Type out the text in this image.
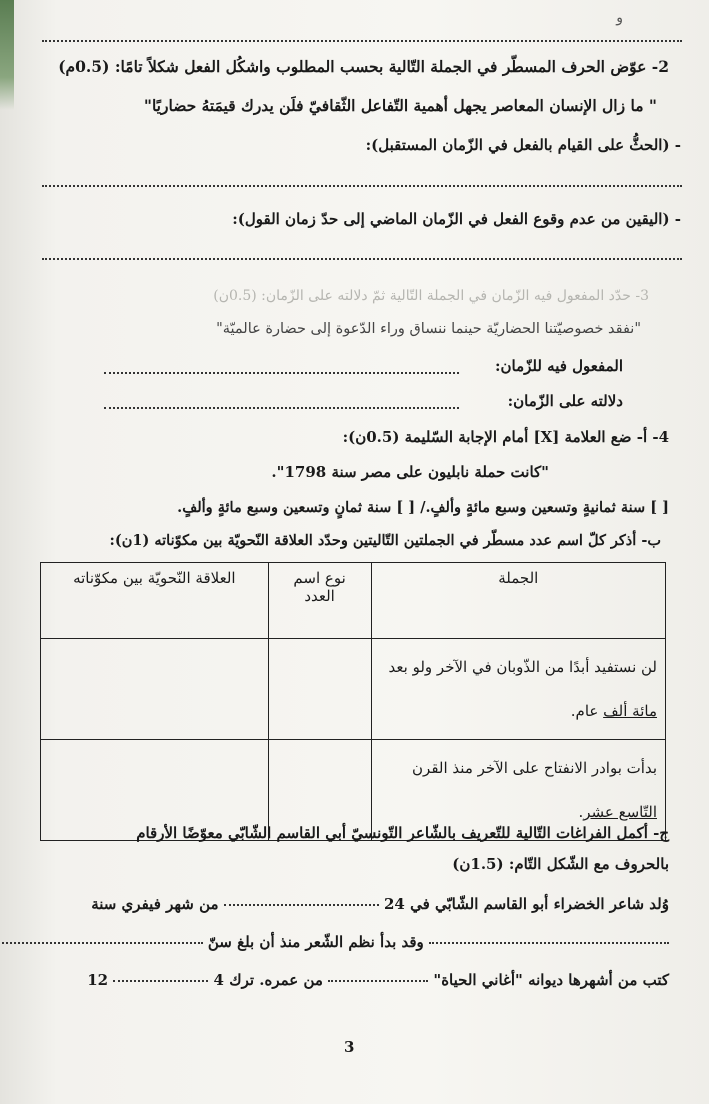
و
2- عوّض الحرف المسطّر في الجملة التّالية بحسب المطلوب واشكُل الفعل شكلاً تامًا: (0.5م)
" ما زال الإنسان المعاصر يجهل أهمية التّفاعل الثّقافيّ فلَن يدرك قيمَتهُ حضاريًا"
- (الحثُّ على القيام بالفعل في الزّمان المستقبل):
- (اليقين من عدم وقوع الفعل في الزّمان الماضي إلى حدّ زمان القول):
3- حدّد المفعول فيه الزّمان في الجملة التّالية ثمّ دلالته على الزّمان: (0.5ن)
"نفقد خصوصيّتنا الحضاريّة حينما ننساق وراء الدّعوة إلى حضارة عالميّة"
المفعول فيه للزّمان:
دلالته على الزّمان:
4- أ- ضع العلامة [X] أمام الإجابة السّليمة (0.5ن):
"كانت حملة نابليون على مصر سنة 1798".
[ ] سنة ثمانيةٍ وتسعين وسبع مائةٍ وألفٍ./ [ ] سنة ثمانٍ وتسعين وسبع مائةٍ وألفٍ.
ب- أذكر كلّ اسم عدد مسطّر في الجملتين التّاليتين وحدّد العلاقة النّحويّة بين مكوّناته (1ن):
الجملة	نوع اسم العدد	العلاقة النّحويّة بين مكوّناته
لن نستفيد أبدًا من الذّوبان في الآخر ولو بعد
مائة ألف عام.		
بدأت بوادر الانفتاح على الآخر منذ القرن
التّاسع عشر.		
ج- أكمل الفراغات التّالية للتّعريف بالشّاعر التّونسيّ أبي القاسم الشّابّي معوّضًا الأرقام
بالحروف مع الشّكل التّام: (1.5ن)
وُلد شاعر الخضراء أبو القاسم الشّابّي في 24  من شهر فيفري سنة
وقد بدأ نظم الشّعر منذ أن بلغ سنّ
كتب من أشهرها ديوانه "أغاني الحياة"  من عمره. ترك 4  12
3
